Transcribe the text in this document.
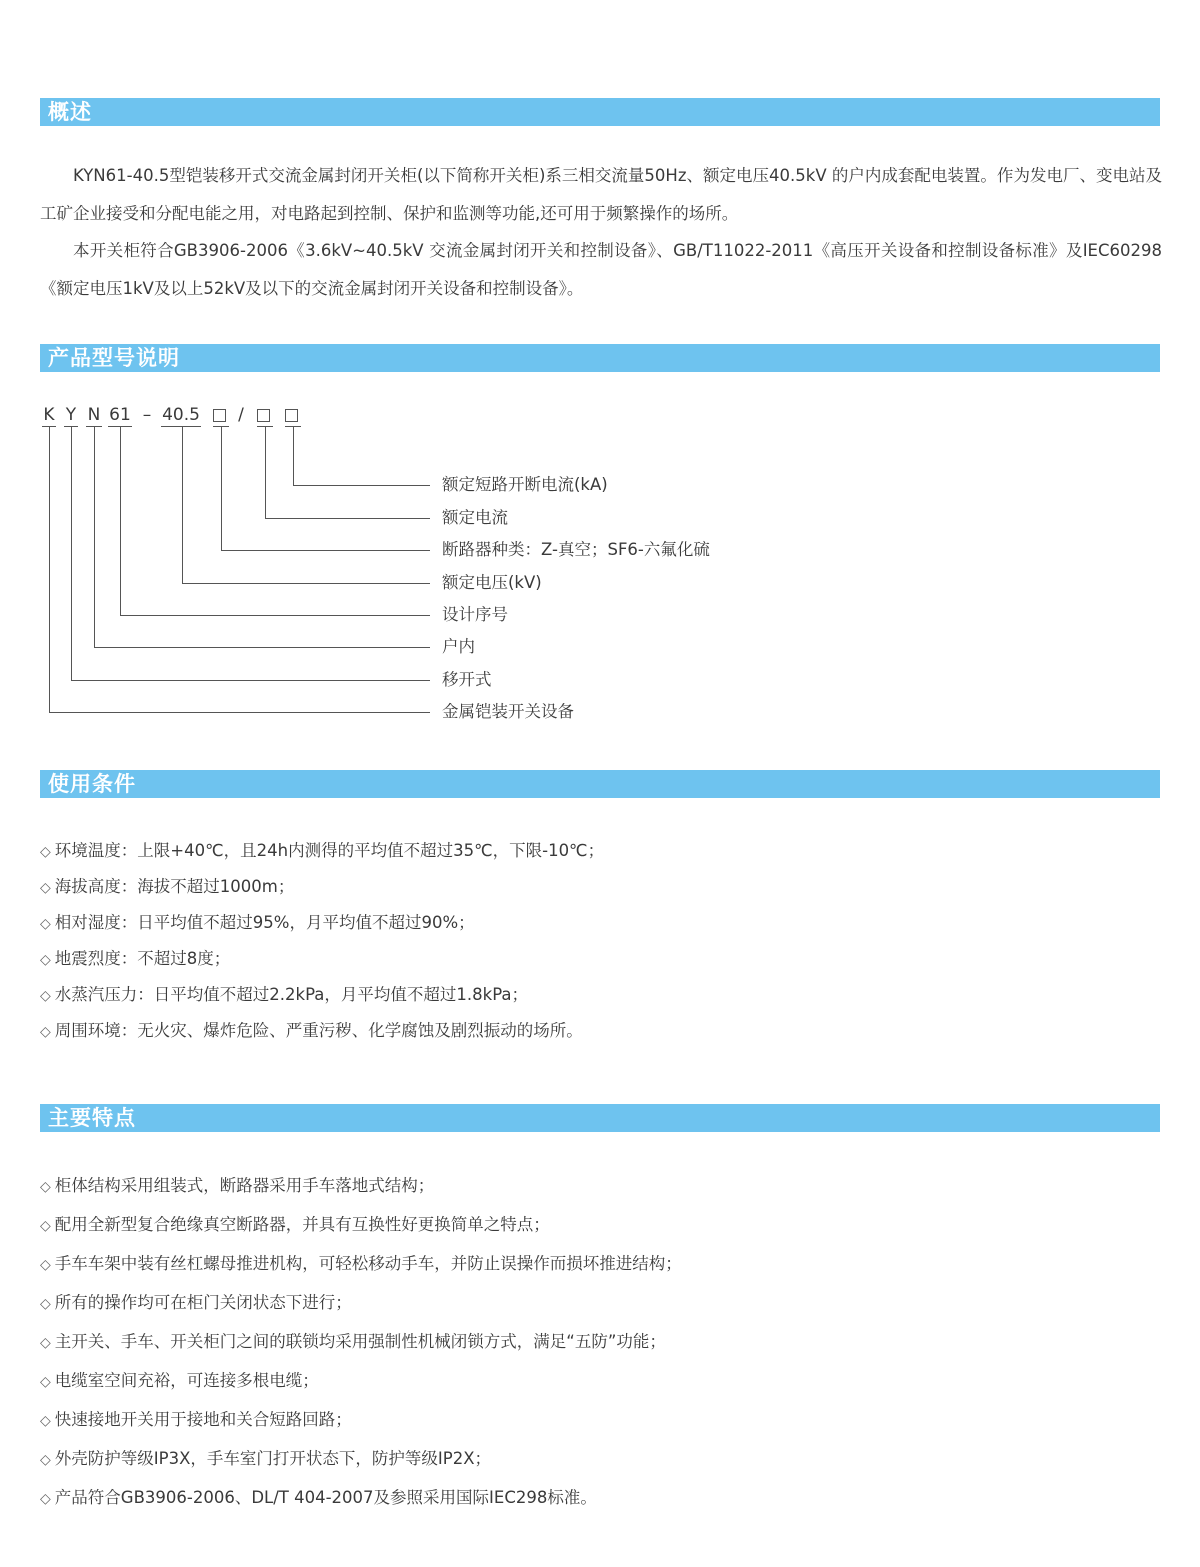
概述

KYN61-40.5型铠装移开式交流金属封闭开关柜(以下简称开关柜)系三相交流量50Hz、额定电压40.5kV 的户内成套配电装置。作为发电厂、变电站及工矿企业接受和分配电能之用，对电路起到控制、保护和监测等功能,还可用于频繁操作的场所。

本开关柜符合GB3906-2006《3.6kV~40.5kV 交流金属封闭开关和控制设备》、GB/T11022-2011《高压开关设备和控制设备标准》及IEC60298《额定电压1kV及以上52kV及以下的交流金属封闭开关设备和控制设备》。

产品型号说明
K Y N 61 – 40.5 /
额定短路开断电流(kA)
额定电流
断路器种类：Z-真空；SF6-六氟化硫
额定电压(kV)
设计序号
户内
移开式
金属铠装开关设备
使用条件
◇ 环境温度：上限+40℃，且24h内测得的平均值不超过35℃，下限-10℃；
◇ 海拔高度：海拔不超过1000m；
◇ 相对湿度：日平均值不超过95%，月平均值不超过90%；
◇ 地震烈度：不超过8度；
◇ 水蒸汽压力：日平均值不超过2.2kPa，月平均值不超过1.8kPa；
◇ 周围环境：无火灾、爆炸危险、严重污秽、化学腐蚀及剧烈振动的场所。
主要特点
◇ 柜体结构采用组装式，断路器采用手车落地式结构；
◇ 配用全新型复合绝缘真空断路器，并具有互换性好更换简单之特点；
◇ 手车车架中装有丝杠螺母推进机构，可轻松移动手车，并防止误操作而损坏推进结构；
◇ 所有的操作均可在柜门关闭状态下进行；
◇ 主开关、手车、开关柜门之间的联锁均采用强制性机械闭锁方式，满足“五防”功能；
◇ 电缆室空间充裕，可连接多根电缆；
◇ 快速接地开关用于接地和关合短路回路；
◇ 外壳防护等级IP3X，手车室门打开状态下，防护等级IP2X；
◇ 产品符合GB3906-2006、DL/T 404-2007及参照采用国际IEC298标准。
